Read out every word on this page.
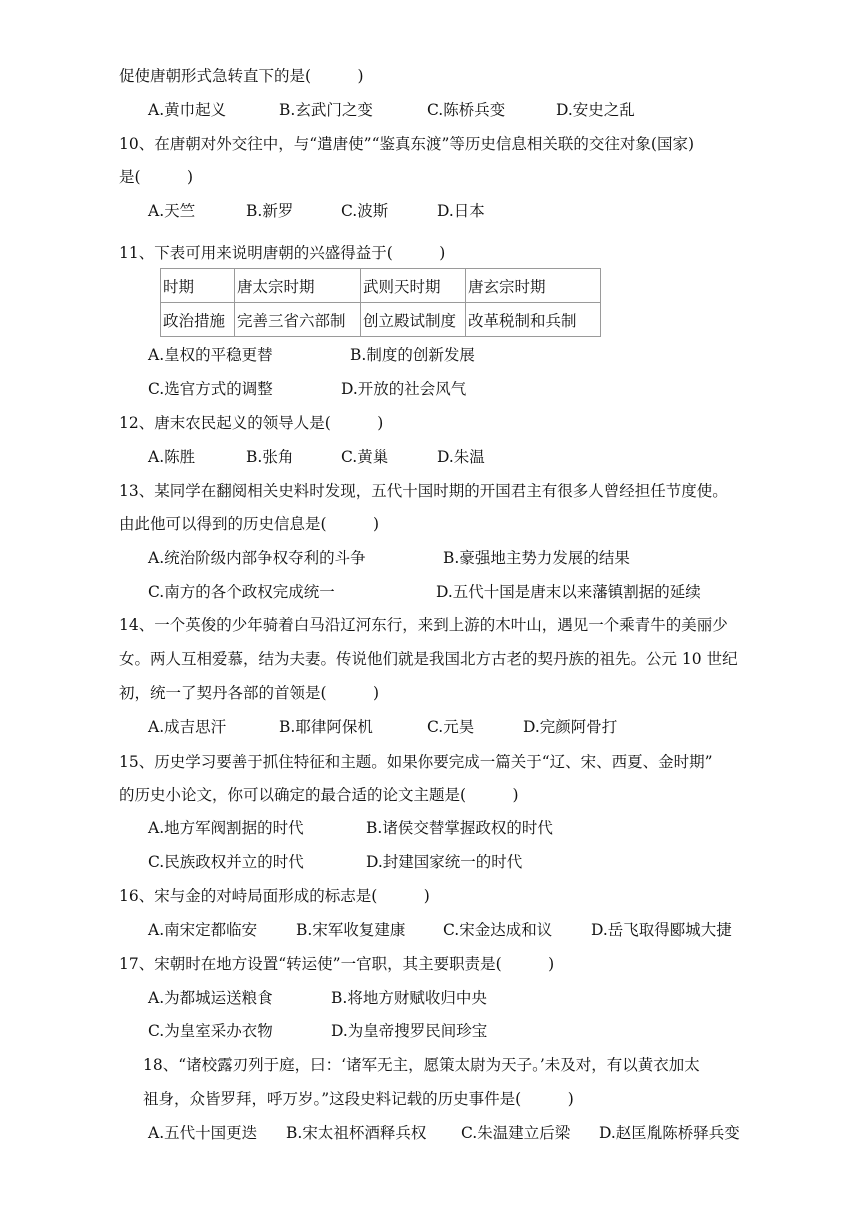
促使唐朝形式急转直下的是(　　　)
A.黄巾起义	B.玄武门之变	C.陈桥兵变	D.安史之乱
10、在唐朝对外交往中，与“遣唐使”“鉴真东渡”等历史信息相关联的交往对象(国家)
是(　　　)
A.天竺	B.新罗	C.波斯	D.日本
11、下表可用来说明唐朝的兴盛得益于(　　　)
时期	唐太宗时期	武则天时期	唐玄宗时期
政治措施	完善三省六部制	创立殿试制度	改革税制和兵制
A.皇权的平稳更替	B.制度的创新发展
C.选官方式的调整	D.开放的社会风气
12、唐末农民起义的领导人是(　　　)
A.陈胜	B.张角	C.黄巢	D.朱温
13、某同学在翻阅相关史料时发现，五代十国时期的开国君主有很多人曾经担任节度使。
由此他可以得到的历史信息是(　　　)
A.统治阶级内部争权夺利的斗争	B.豪强地主势力发展的结果
C.南方的各个政权完成统一	D.五代十国是唐末以来藩镇割据的延续
14、一个英俊的少年骑着白马沿辽河东行，来到上游的木叶山，遇见一个乘青牛的美丽少
女。两人互相爱慕，结为夫妻。传说他们就是我国北方古老的契丹族的祖先。公元 10 世纪
初，统一了契丹各部的首领是(　　　)
A.成吉思汗	B.耶律阿保机	C.元昊	D.完颜阿骨打
15、历史学习要善于抓住特征和主题。如果你要完成一篇关于“辽、宋、西夏、金时期”
的历史小论文，你可以确定的最合适的论文主题是(　　　)
A.地方军阀割据的时代	B.诸侯交替掌握政权的时代
C.民族政权并立的时代	D.封建国家统一的时代
16、宋与金的对峙局面形成的标志是(　　　)
A.南宋定都临安	B.宋军收复建康 C.宋金达成和议	D.岳飞取得郾城大捷
17、宋朝时在地方设置“转运使”一官职，其主要职责是(　　　)
A.为都城运送粮食	B.将地方财赋收归中央
C.为皇室采办衣物	D.为皇帝搜罗民间珍宝
18、“诸校露刃列于庭，曰：‘诸军无主，愿策太尉为天子。’未及对，有以黄衣加太
祖身，众皆罗拜，呼万岁。”这段史料记载的历史事件是(　　　)
A.五代十国更迭 B.宋太祖杯酒释兵权 C.朱温建立后梁 D.赵匡胤陈桥驿兵变
